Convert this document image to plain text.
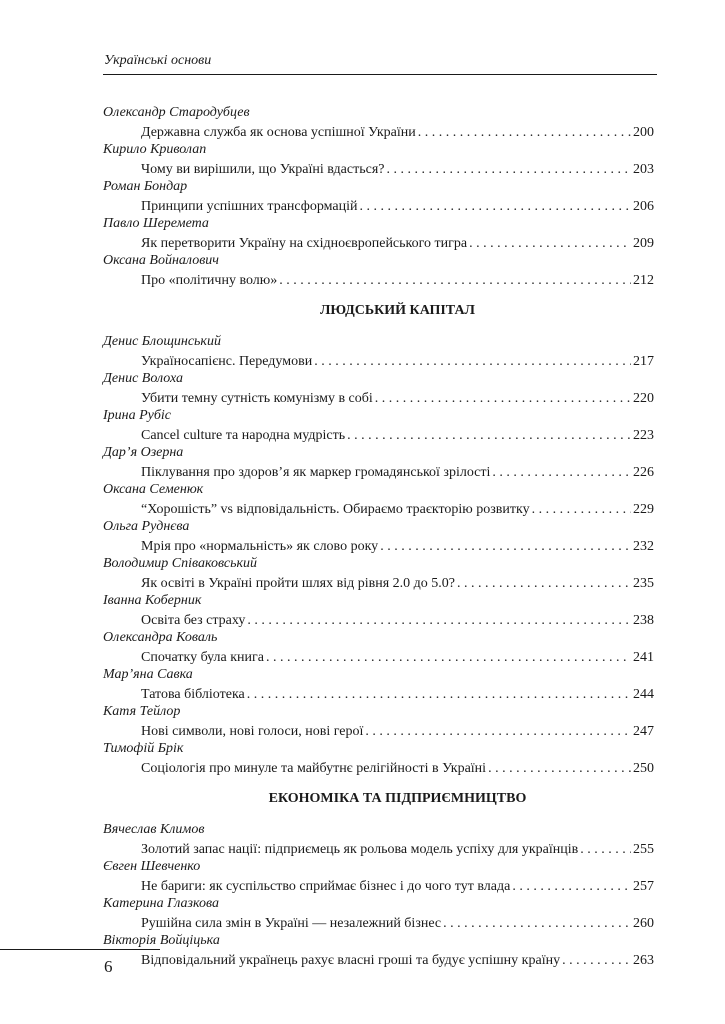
Українські основи
Олександр Стародубцев
Державна служба як основа успішної України . . .	200
Кирило Криволап
Чому ви вирішили, що Україні вдасться? . . .	203
Роман Бондар
Принципи успішних трансформацій . . .	206
Павло Шеремета
Як перетворити Україну на східноєвропейського тигра . . .	209
Оксана Войналович
Про «політичну волю» . . .	212
ЛЮДСЬКИЙ КАПІТАЛ
Денис Блощинський
Україносапієнс. Передумови . . .	217
Денис Волоха
Убити темну сутність комунізму в собі . . .	220
Ірина Рубіс
Cancel culture та народна мудрість . . .	223
Дар’я Озерна
Піклування про здоров’я як маркер громадянської зрілості . . .	226
Оксана Семенюк
“Хорошість” vs відповідальність. Обираємо траєкторію розвитку . . .	229
Ольга Руднєва
Мрія про «нормальність» як слово року . . .	232
Володимир Співаковський
Як освіті в Україні пройти шлях від рівня 2.0 до 5.0? . . .	235
Іванна Коберник
Освіта без страху . . .	238
Олександра Коваль
Спочатку була книга . . .	241
Мар’яна Савка
Татова бібліотека . . .	244
Катя Тейлор
Нові символи, нові голоси, нові герої . . .	247
Тимофій Брік
Соціологія про минуле та майбутнє релігійності в Україні . . .	250
ЕКОНОМІКА ТА ПІДПРИЄМНИЦТВО
Вячеслав Климов
Золотий запас нації: підприємець як рольова модель успіху для українців . . .	255
Євген Шевченко
Не бариги: як суспільство сприймає бізнес і до чого тут влада . . .	257
Катерина Глазкова
Рушійна сила змін в Україні — незалежний бізнес . . .	260
Вікторія Войціцька
Відповідальний українець рахує власні гроші та будує успішну країну . . .	263
6
